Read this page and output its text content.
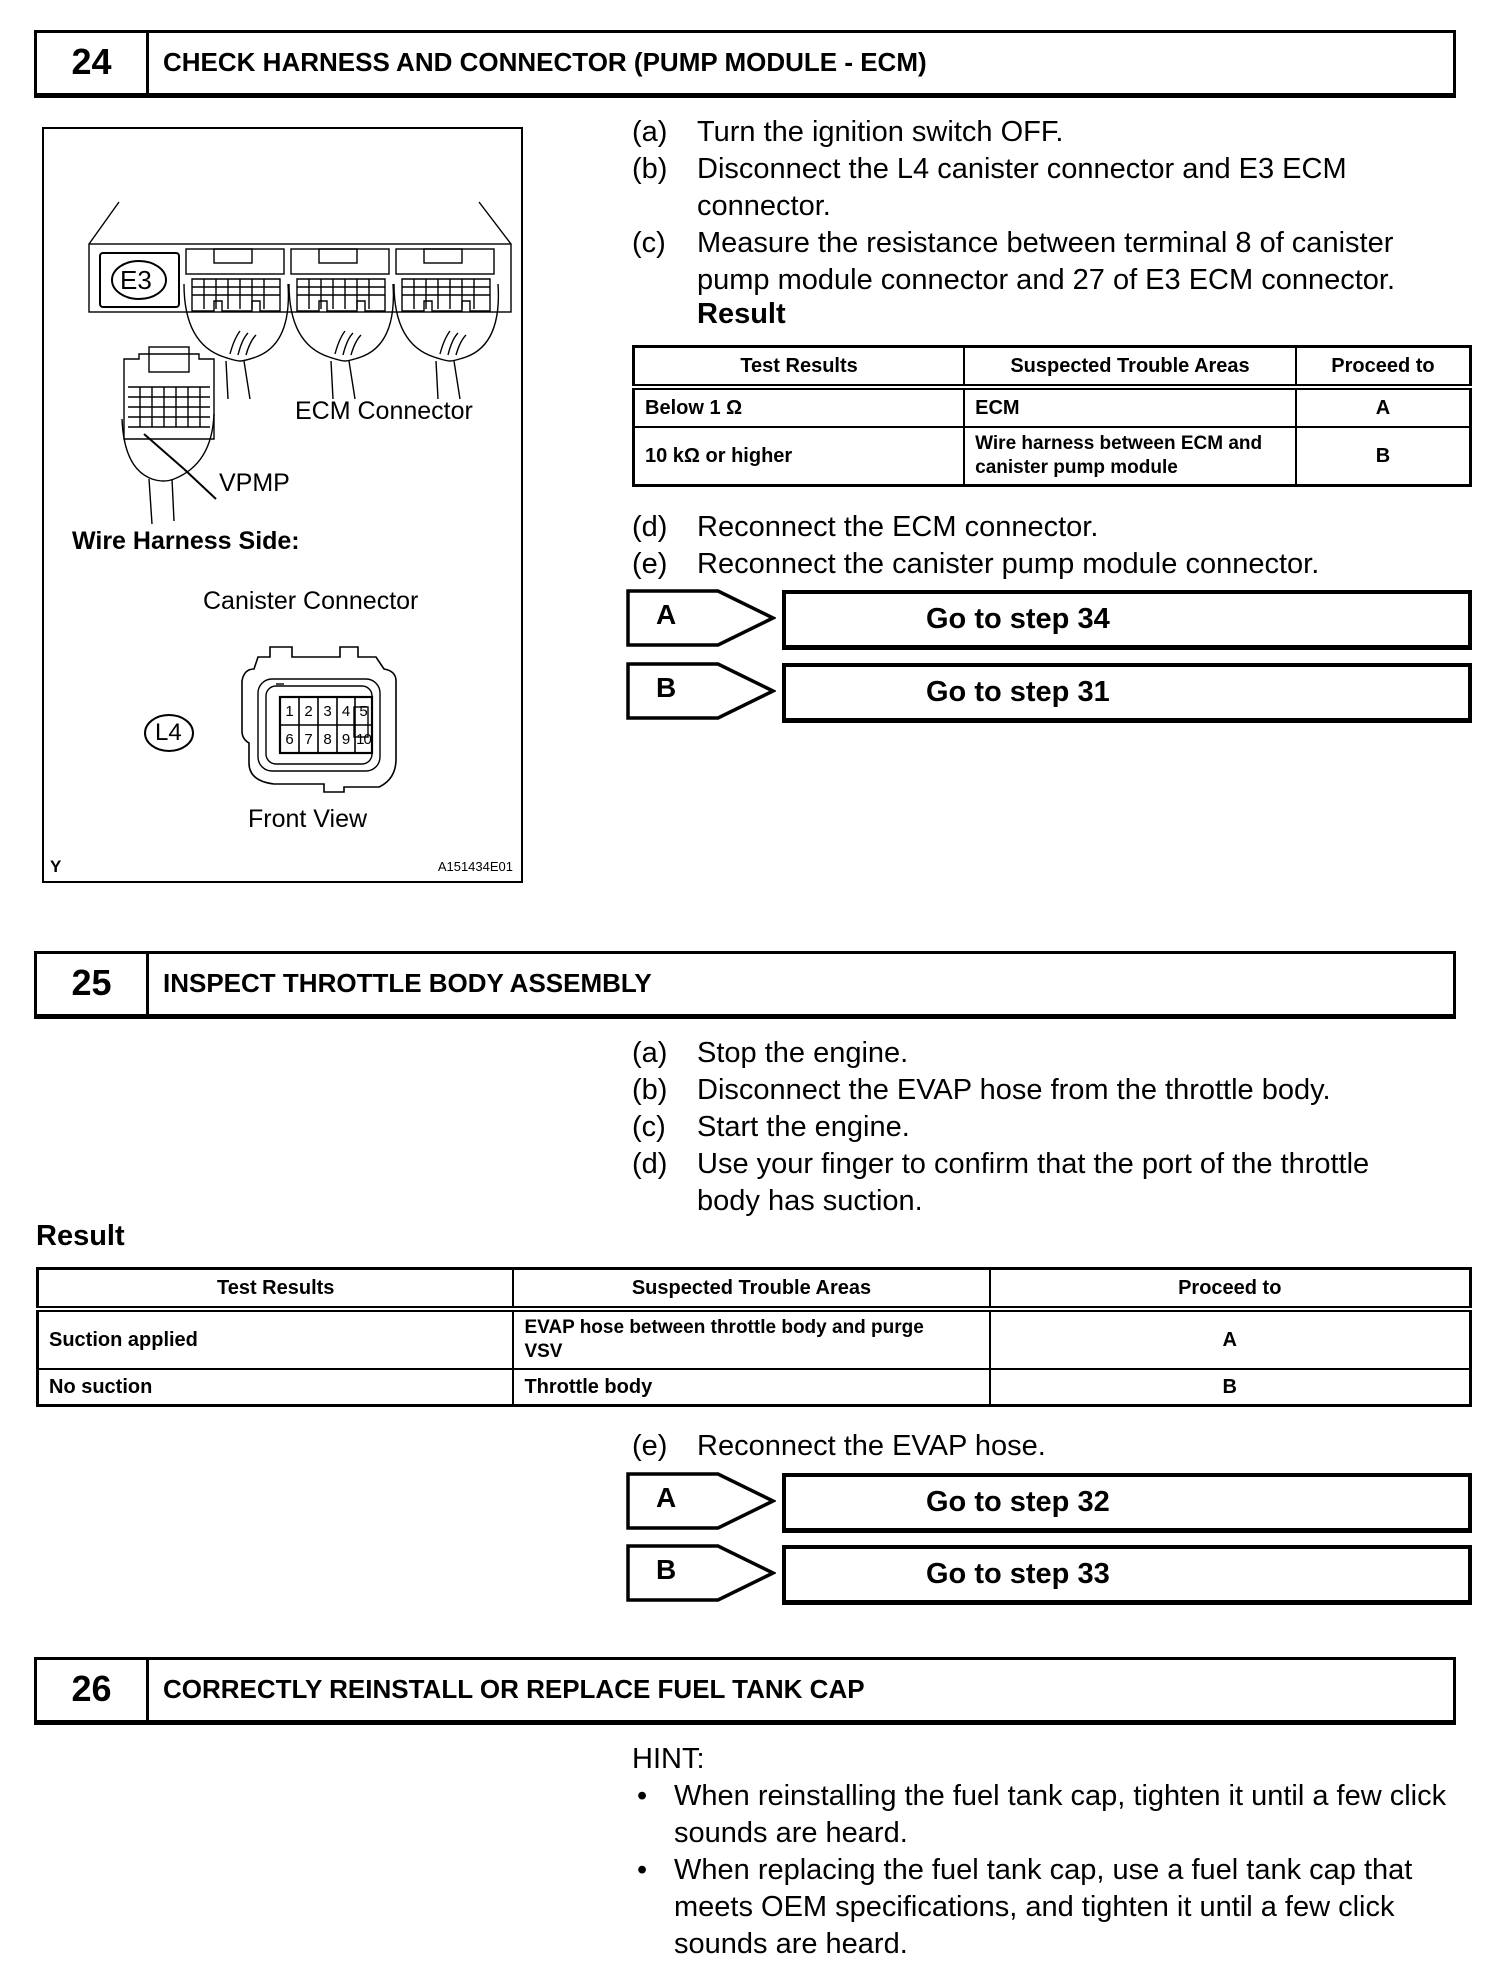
24	CHECK HARNESS AND CONNECTOR (PUMP MODULE - ECM)
E3
ECM Connector
VPMP
Wire Harness Side:
Canister Connector
1 2 3 4 5
6 7 8 9 10
L4
Front View
Y	A151434E01
(a) Turn the ignition switch OFF.
(b) Disconnect the L4 canister connector and E3 ECM connector.
(c) Measure the resistance between terminal 8 of canister pump module connector and 27 of E3 ECM connector.
Result
Test Results	Suspected Trouble Areas	Proceed to
Below 1 Ω	ECM	A
10 kΩ or higher	Wire harness between ECM and canister pump module	B
(d) Reconnect the ECM connector.
(e) Reconnect the canister pump module connector.
A	Go to step 34
B	Go to step 31
25	INSPECT THROTTLE BODY ASSEMBLY
(a) Stop the engine.
(b) Disconnect the EVAP hose from the throttle body.
(c) Start the engine.
(d) Use your finger to confirm that the port of the throttle body has suction.
Result
Test Results	Suspected Trouble Areas	Proceed to
Suction applied	EVAP hose between throttle body and purge VSV	A
No suction	Throttle body	B
(e) Reconnect the EVAP hose.
A	Go to step 32
B	Go to step 33
26	CORRECTLY REINSTALL OR REPLACE FUEL TANK CAP
HINT:
• When reinstalling the fuel tank cap, tighten it until a few click sounds are heard.
• When replacing the fuel tank cap, use a fuel tank cap that meets OEM specifications, and tighten it until a few click sounds are heard.
